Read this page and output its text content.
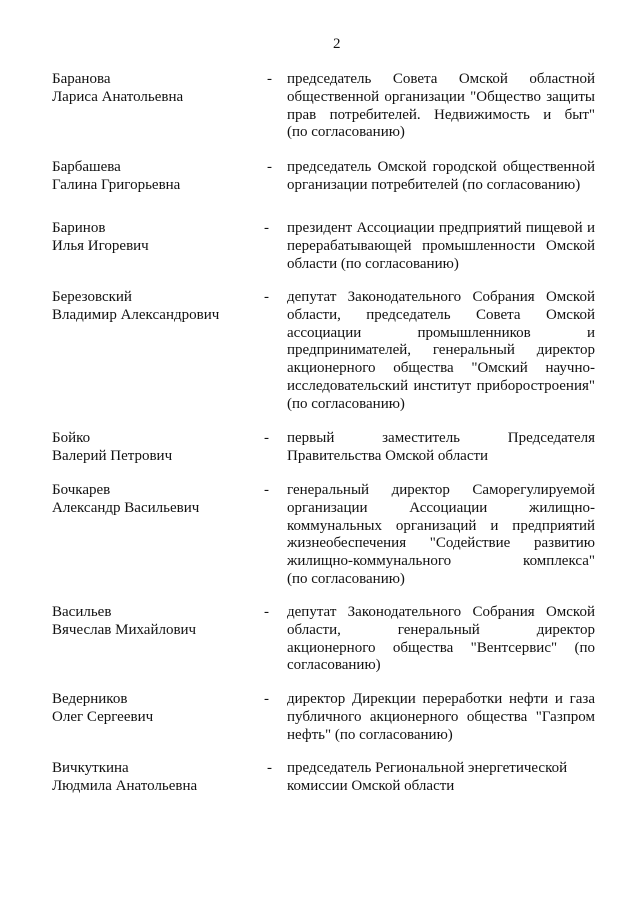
2
Баранова
Лариса Анатольевна
- председатель Совета Омской областной
общественной организации "Общество защиты
прав потребителей. Недвижимость и быт"
(по согласованию)
Барбашева
Галина Григорьевна
- председатель Омской городской общественной
организации потребителей (по согласованию)
Баринов
Илья Игоревич
- президент Ассоциации предприятий пищевой и
перерабатывающей промышленности Омской
области (по согласованию)
Березовский
Владимир Александрович
- депутат Законодательного Собрания Омской
области, председатель Совета Омской
ассоциации промышленников и
предпринимателей, генеральный директор
акционерного общества "Омский научно-
исследовательский институт приборостроения"
(по согласованию)
Бойко
Валерий Петрович
- первый заместитель Председателя
Правительства Омской области
Бочкарев
Александр Васильевич
- генеральный директор Саморегулируемой
организации Ассоциации жилищно-
коммунальных организаций и предприятий
жизнеобеспечения "Содействие развитию
жилищно-коммунального комплекса"
(по согласованию)
Васильев
Вячеслав Михайлович
- депутат Законодательного Собрания Омской
области, генеральный директор
акционерного общества "Вентсервис" (по
согласованию)
Ведерников
Олег Сергеевич
- директор Дирекции переработки нефти и газа
публичного акционерного общества "Газпром
нефть" (по согласованию)
Вичкуткина
Людмила Анатольевна
- председатель Региональной энергетической
комиссии Омской области
